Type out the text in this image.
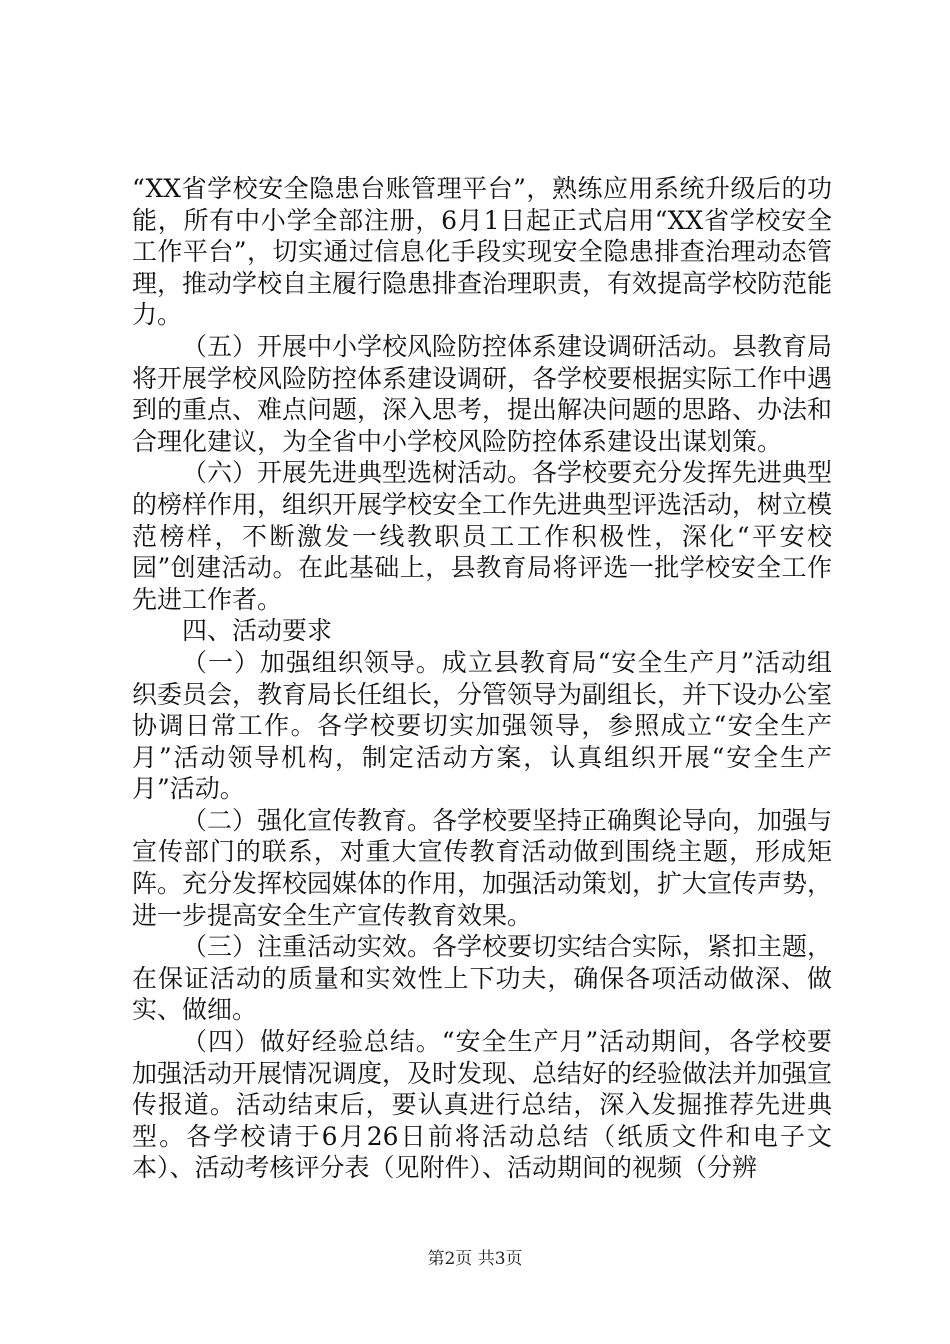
“XX省学校安全隐患台账管理平台”，熟练应用系统升级后的功能，所有中小学全部注册，6月1日起正式启用“XX省学校安全工作平台”，切实通过信息化手段实现安全隐患排查治理动态管理，推动学校自主履行隐患排查治理职责，有效提高学校防范能力。

（五）开展中小学校风险防控体系建设调研活动。县教育局将开展学校风险防控体系建设调研，各学校要根据实际工作中遇到的重点、难点问题，深入思考，提出解决问题的思路、办法和合理化建议，为全省中小学校风险防控体系建设出谋划策。

（六）开展先进典型选树活动。各学校要充分发挥先进典型的榜样作用，组织开展学校安全工作先进典型评选活动，树立模范榜样，不断激发一线教职员工工作积极性，深化“平安校园”创建活动。在此基础上，县教育局将评选一批学校安全工作先进工作者。

四、活动要求

（一）加强组织领导。成立县教育局“安全生产月”活动组织委员会，教育局长任组长，分管领导为副组长，并下设办公室协调日常工作。各学校要切实加强领导，参照成立“安全生产月”活动领导机构，制定活动方案，认真组织开展“安全生产月”活动。

（二）强化宣传教育。各学校要坚持正确舆论导向，加强与宣传部门的联系，对重大宣传教育活动做到围绕主题，形成矩阵。充分发挥校园媒体的作用，加强活动策划，扩大宣传声势，进一步提高安全生产宣传教育效果。

（三）注重活动实效。各学校要切实结合实际，紧扣主题，在保证活动的质量和实效性上下功夫，确保各项活动做深、做实、做细。

（四）做好经验总结。“安全生产月”活动期间，各学校要加强活动开展情况调度，及时发现、总结好的经验做法并加强宣传报道。活动结束后，要认真进行总结，深入发掘推荐先进典型。各学校请于6月26日前将活动总结（纸质文件和电子文本）、活动考核评分表（见附件）、活动期间的视频（分辨

第2页 共3页
